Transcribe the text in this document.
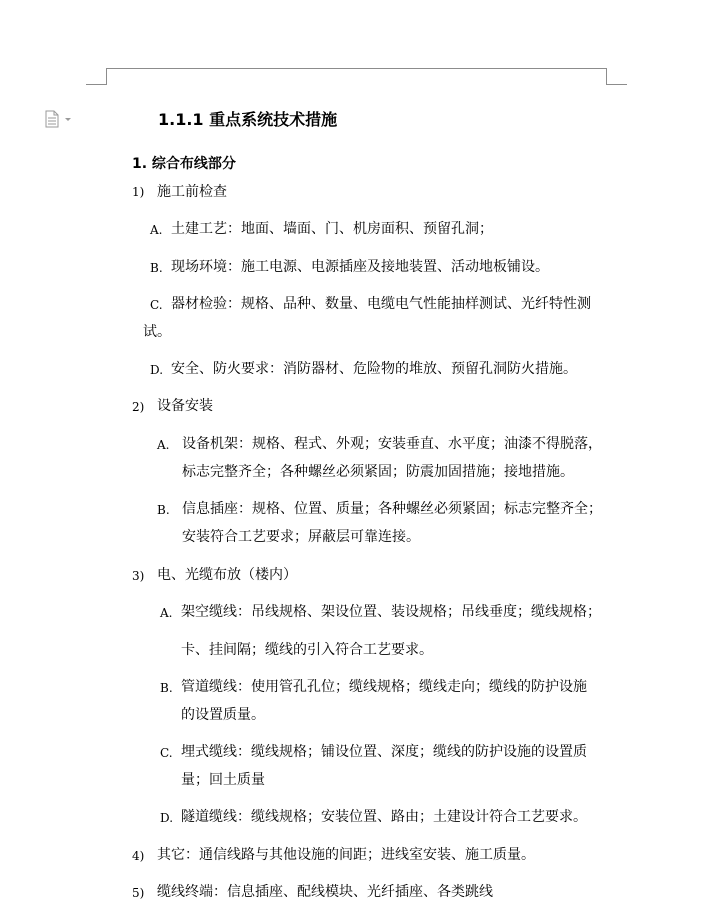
1.1.1 重点系统技术措施
1. 综合布线部分
1) 施工前检查
A. 土建工艺：地面、墙面、门、机房面积、预留孔洞；
B. 现场环境：施工电源、电源插座及接地装置、活动地板铺设。
C. 器材检验：规格、品种、数量、电缆电气性能抽样测试、光纤特性测
试。
D. 安全、防火要求：消防器材、危险物的堆放、预留孔洞防火措施。
2) 设备安装
A. 设备机架：规格、程式、外观；安装垂直、水平度；油漆不得脱落，
标志完整齐全；各种螺丝必须紧固；防震加固措施；接地措施。
B. 信息插座：规格、位置、质量；各种螺丝必须紧固；标志完整齐全；
安装符合工艺要求；屏蔽层可靠连接。
3) 电、光缆布放（楼内）
A. 架空缆线：吊线规格、架设位置、装设规格；吊线垂度；缆线规格；
卡、挂间隔；缆线的引入符合工艺要求。
B. 管道缆线：使用管孔孔位；缆线规格；缆线走向；缆线的防护设施
的设置质量。
C. 埋式缆线：缆线规格；铺设位置、深度；缆线的防护设施的设置质
量；回土质量
D. 隧道缆线：缆线规格；安装位置、路由；土建设计符合工艺要求。
4) 其它：通信线路与其他设施的间距；进线室安装、施工质量。
5) 缆线终端：信息插座、配线模块、光纤插座、各类跳线
